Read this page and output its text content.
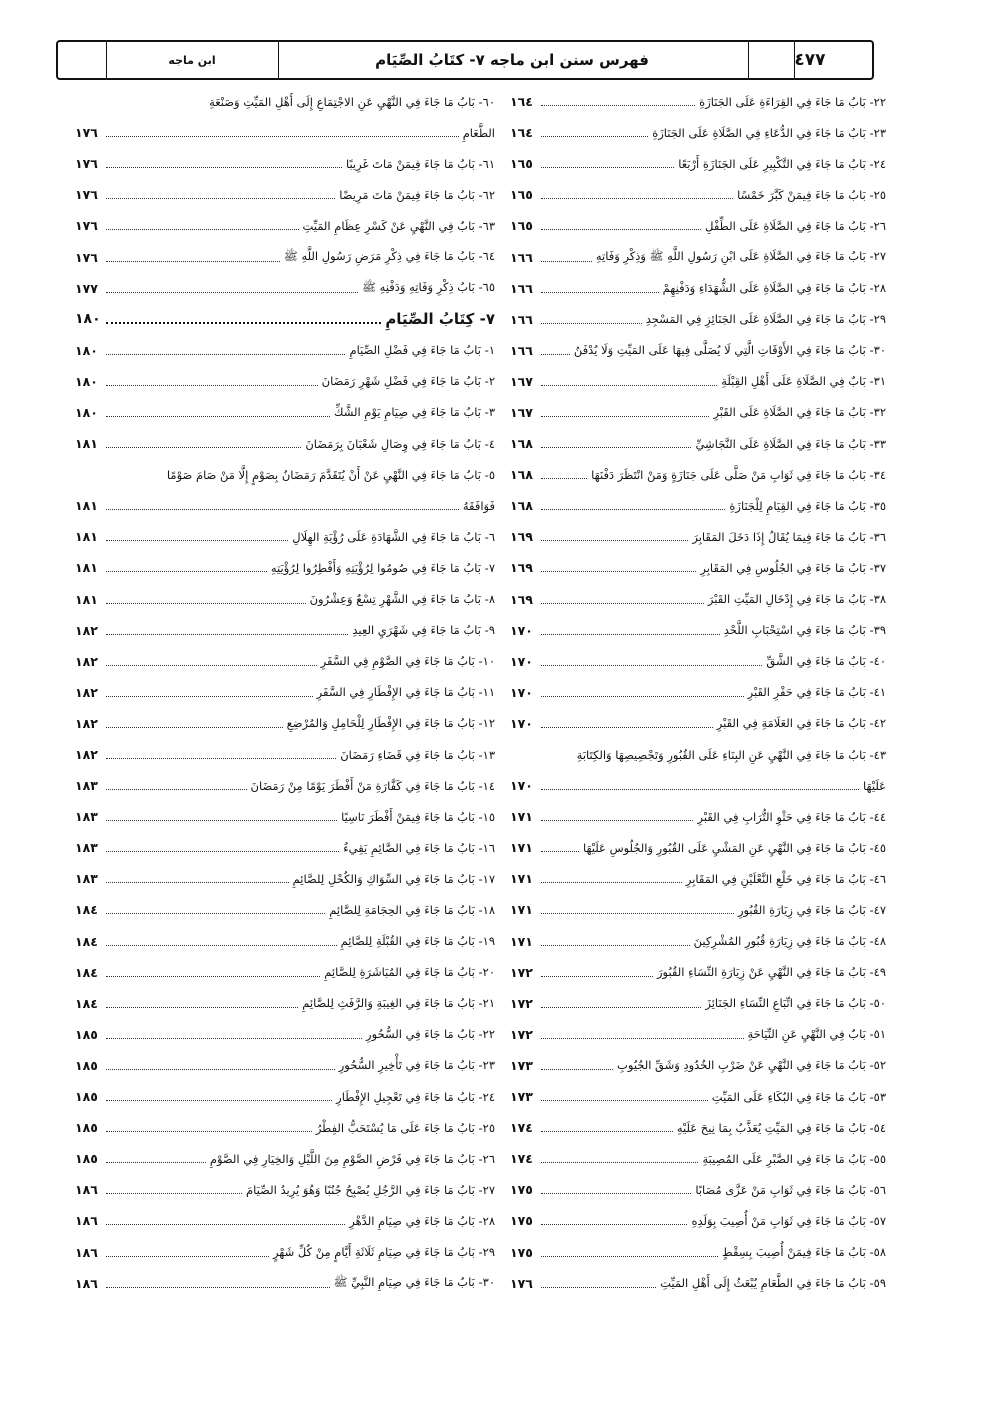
٤٧٧
فهرس سنن ابن ماجه ٧- كتَابُ الصِّيَام
ابن ماجه
٢٢- بَابُ مَا جَاءَ فِي القِرَاءَةِ عَلَى الجَنَازَةِ
١٦٤
٢٣- بَابُ مَا جَاءَ فِي الدُّعَاءِ فِي الصَّلَاةِ عَلَى الجَنَازَةِ
١٦٤
٢٤- بَابُ مَا جَاءَ فِي التَّكْبِيرِ عَلَى الجَنَازَةِ أَرْبَعًا
١٦٥
٢٥- بَابُ مَا جَاءَ فِيمَنْ كَبَّرَ خَمْسًا
١٦٥
٢٦- بَابُ مَا جَاءَ فِي الصَّلَاةِ عَلَى الطِّفْلِ
١٦٥
٢٧- بَابُ مَا جَاءَ فِي الصَّلَاةِ عَلَى ابْنِ رَسُولِ اللَّهِ ﷺ وَذِكْرِ وَفَاتِهِ
١٦٦
٢٨- بَابُ مَا جَاءَ فِي الصَّلَاةِ عَلَى الشُّهَدَاءِ وَدَفْنِهِمْ
١٦٦
٢٩- بَابُ مَا جَاءَ فِي الصَّلَاةِ عَلَى الجَنَائِزِ فِي المَسْجِدِ
١٦٦
٣٠- بَابُ مَا جَاءَ فِي الأَوْقَاتِ الَّتِي لَا يُصَلَّى فِيهَا عَلَى المَيِّتِ وَلَا يُدْفَنُ
١٦٦
٣١- بَابٌ فِي الصَّلَاةِ عَلَى أَهْلِ القِبْلَةِ
١٦٧
٣٢- بَابُ مَا جَاءَ فِي الصَّلَاةِ عَلَى القَبْرِ
١٦٧
٣٣- بَابُ مَا جَاءَ فِي الصَّلَاةِ عَلَى النَّجَاشِيِّ
١٦٨
٣٤- بَابُ مَا جَاءَ فِي ثَوَابِ مَنْ صَلَّى عَلَى جَنَازَةٍ وَمَنْ انْتَظَرَ دَفْنَهَا
١٦٨
٣٥- بَابُ مَا جَاءَ فِي القِيَامِ لِلْجَنَازَةِ
١٦٨
٣٦- بَابُ مَا جَاءَ فِيمَا يُقَالُ إِذَا دَخَلَ المَقَابِرَ
١٦٩
٣٧- بَابُ مَا جَاءَ فِي الجُلُوسِ فِي المَقَابِرِ
١٦٩
٣٨- بَابُ مَا جَاءَ فِي إِدْخَالِ المَيِّتِ القَبْرَ
١٦٩
٣٩- بَابُ مَا جَاءَ فِي اسْتِحْبَابِ اللَّحْدِ
١٧٠
٤٠- بَابُ مَا جَاءَ فِي الشَّقِّ
١٧٠
٤١- بَابُ مَا جَاءَ فِي حَفْرِ القَبْرِ
١٧٠
٤٢- بَابُ مَا جَاءَ فِي العَلَامَةِ فِي القَبْرِ
١٧٠
٤٣- بَابُ مَا جَاءَ فِي النَّهْيِ عَنِ البِنَاءِ عَلَى القُبُورِ وَتَجْصِيصِهَا وَالكِتَابَةِ
عَلَيْهَا
١٧٠
٤٤- بَابُ مَا جَاءَ فِي حَثْوِ التُّرَابِ فِي القَبْرِ
١٧١
٤٥- بَابُ مَا جَاءَ فِي النَّهْيِ عَنِ المَشْيِ عَلَى القُبُورِ وَالجُلُوسِ عَلَيْهَا
١٧١
٤٦- بَابُ مَا جَاءَ فِي خَلْعِ النَّعْلَيْنِ فِي المَقَابِرِ
١٧١
٤٧- بَابُ مَا جَاءَ فِي زِيَارَةِ القُبُورِ
١٧١
٤٨- بَابُ مَا جَاءَ فِي زِيَارَةِ قُبُورِ المُشْرِكِينَ
١٧١
٤٩- بَابُ مَا جَاءَ فِي النَّهْيِ عَنْ زِيَارَةِ النِّسَاءِ القُبُورَ
١٧٢
٥٠- بَابُ مَا جَاءَ فِي اتِّبَاعِ النِّسَاءِ الجَنَائِزَ
١٧٢
٥١- بَابٌ فِي النَّهْيِ عَنِ النِّيَاحَةِ
١٧٢
٥٢- بَابُ مَا جَاءَ فِي النَّهْيِ عَنْ ضَرْبِ الخُدُودِ وَشَقِّ الجُيُوبِ
١٧٣
٥٣- بَابُ مَا جَاءَ فِي البُكَاءِ عَلَى المَيِّتِ
١٧٣
٥٤- بَابُ مَا جَاءَ فِي المَيِّتِ يُعَذَّبُ بِمَا نِيحَ عَلَيْهِ
١٧٤
٥٥- بَابُ مَا جَاءَ فِي الصَّبْرِ عَلَى المُصِيبَةِ
١٧٤
٥٦- بَابُ مَا جَاءَ فِي ثَوَابِ مَنْ عَزَّى مُصَابًا
١٧٥
٥٧- بَابُ مَا جَاءَ فِي ثَوَابِ مَنْ أُصِيبَ بِوَلَدِهِ
١٧٥
٥٨- بَابُ مَا جَاءَ فِيمَنْ أُصِيبَ بِسِقْطٍ
١٧٥
٥٩- بَابُ مَا جَاءَ فِي الطَّعَامِ يُبْعَثُ إِلَى أَهْلِ المَيِّتِ
١٧٦
٦٠- بَابُ مَا جَاءَ فِي النَّهْيِ عَنِ الاجْتِمَاعِ إِلَى أَهْلِ المَيِّتِ وَصَنْعَةِ
الطَّعَامِ
١٧٦
٦١- بَابُ مَا جَاءَ فِيمَنْ مَاتَ غَرِيبًا
١٧٦
٦٢- بَابُ مَا جَاءَ فِيمَنْ مَاتَ مَرِيضًا
١٧٦
٦٣- بَابٌ فِي النَّهْيِ عَنْ كَسْرِ عِظَامِ المَيِّتِ
١٧٦
٦٤- بَابُ مَا جَاءَ فِي ذِكْرِ مَرَضِ رَسُولِ اللَّهِ ﷺ
١٧٦
٦٥- بَابُ ذِكْرِ وَفَاتِهِ وَدَفْنِهِ ﷺ
١٧٧
٧- كِتَابُ الصِّيَامِ
١٨٠
١- بَابُ مَا جَاءَ فِي فَضْلِ الصِّيَامِ
١٨٠
٢- بَابُ مَا جَاءَ فِي فَضْلِ شَهْرِ رَمَضَانَ
١٨٠
٣- بَابُ مَا جَاءَ فِي صِيَامِ يَوْمِ الشَّكِّ
١٨٠
٤- بَابُ مَا جَاءَ فِي وِصَالِ شَعْبَانَ بِرَمَضَانَ
١٨١
٥- بَابُ مَا جَاءَ فِي النَّهْيِ عَنْ أَنْ يُتَقَدَّمَ رَمَضَانُ بِصَوْمٍ إِلَّا مَنْ صَامَ صَوْمًا
فَوَافَقَهُ
١٨١
٦- بَابُ مَا جَاءَ فِي الشَّهَادَةِ عَلَى رُؤْيَةِ الهِلَالِ
١٨١
٧- بَابُ مَا جَاءَ فِي صُومُوا لِرُؤْيَتِهِ وَأَفْطِرُوا لِرُؤْيَتِهِ
١٨١
٨- بَابُ مَا جَاءَ فِي الشَّهْرِ تِسْعٌ وَعِشْرُونَ
١٨١
٩- بَابُ مَا جَاءَ فِي شَهْرَيِ العِيدِ
١٨٢
١٠- بَابُ مَا جَاءَ فِي الصَّوْمِ فِي السَّفَرِ
١٨٢
١١- بَابُ مَا جَاءَ فِي الإِفْطَارِ فِي السَّفَرِ
١٨٢
١٢- بَابُ مَا جَاءَ فِي الإِفْطَارِ لِلْحَامِلِ وَالمُرْضِعِ
١٨٢
١٣- بَابُ مَا جَاءَ فِي قَضَاءِ رَمَضَانَ
١٨٢
١٤- بَابُ مَا جَاءَ فِي كَفَّارَةِ مَنْ أَفْطَرَ يَوْمًا مِنْ رَمَضَانَ
١٨٣
١٥- بَابُ مَا جَاءَ فِيمَنْ أَفْطَرَ نَاسِيًا
١٨٣
١٦- بَابُ مَا جَاءَ فِي الصَّائِمِ يَقِيءُ
١٨٣
١٧- بَابُ مَا جَاءَ فِي السِّوَاكِ وَالكُحْلِ لِلصَّائِمِ
١٨٣
١٨- بَابُ مَا جَاءَ فِي الحِجَامَةِ لِلصَّائِمِ
١٨٤
١٩- بَابُ مَا جَاءَ فِي القُبْلَةِ لِلصَّائِمِ
١٨٤
٢٠- بَابُ مَا جَاءَ فِي المُبَاشَرَةِ لِلصَّائِمِ
١٨٤
٢١- بَابُ مَا جَاءَ فِي الغِيبَةِ وَالرَّفَثِ لِلصَّائِمِ
١٨٤
٢٢- بَابُ مَا جَاءَ فِي السُّحُورِ
١٨٥
٢٣- بَابُ مَا جَاءَ فِي تَأْخِيرِ السُّحُورِ
١٨٥
٢٤- بَابُ مَا جَاءَ فِي تَعْجِيلِ الإِفْطَارِ
١٨٥
٢٥- بَابُ مَا جَاءَ عَلَى مَا يُسْتَحَبُّ الفِطْرُ
١٨٥
٢٦- بَابُ مَا جَاءَ فِي فَرْضِ الصَّوْمِ مِنَ اللَّيْلِ وَالخِيَارِ فِي الصَّوْمِ
١٨٥
٢٧- بَابُ مَا جَاءَ فِي الرَّجُلِ يُصْبِحُ جُنُبًا وَهُوَ يُرِيدُ الصِّيَامَ
١٨٦
٢٨- بَابُ مَا جَاءَ فِي صِيَامِ الدَّهْرِ
١٨٦
٢٩- بَابُ مَا جَاءَ فِي صِيَامِ ثَلَاثَةِ أَيَّامٍ مِنْ كُلِّ شَهْرٍ
١٨٦
٣٠- بَابُ مَا جَاءَ فِي صِيَامِ النَّبِيِّ ﷺ
١٨٦
